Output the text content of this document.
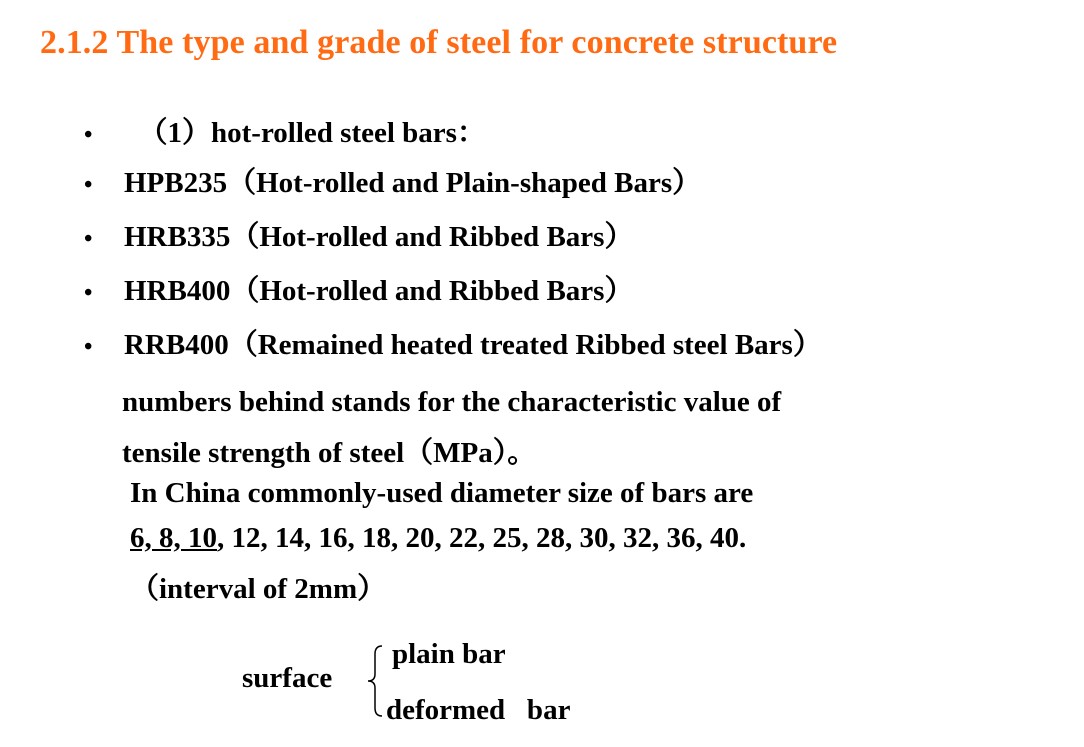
2.1.2 The type and grade of steel for concrete structure
•  （1）hot-rolled steel bars：
• HPB235（Hot-rolled and Plain-shaped Bars）
• HRB335（Hot-rolled and Ribbed Bars）
• HRB400（Hot-rolled and Ribbed Bars）
• RRB400（Remained heated treated Ribbed steel Bars）
numbers behind stands for the characteristic value of
tensile strength of steel（MPa）。
In China commonly-used diameter size of bars are
6, 8, 10, 12, 14, 16, 18, 20, 22, 25, 28, 30, 32, 36, 40.
（interval of 2mm）
surface
plain bar
deformed   bar
